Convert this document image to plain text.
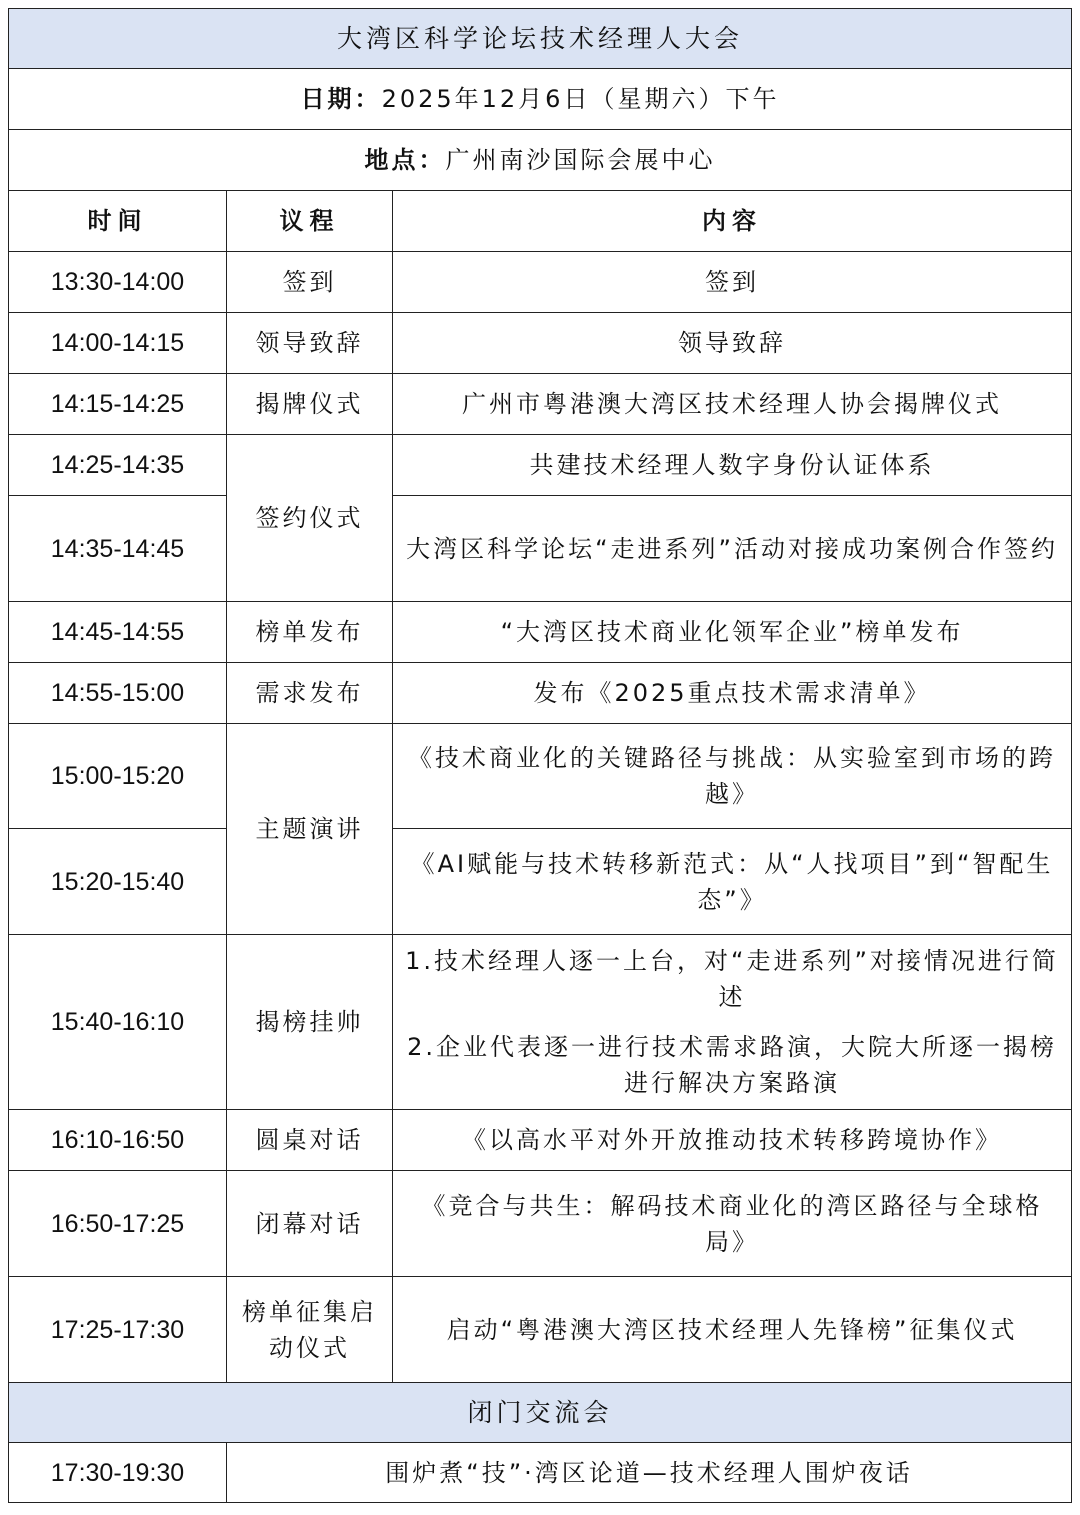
大湾区科学论坛技术经理人大会		
日期：2025年12月6日（星期六）下午		
地点：广州南沙国际会展中心		
时间	议程	内容
13:30-14:00	签到	签到
14:00-14:15	领导致辞	领导致辞
14:15-14:25	揭牌仪式	广州市粤港澳大湾区技术经理人协会揭牌仪式
14:25-14:35	签约仪式	共建技术经理人数字身份认证体系
14:35-14:45		大湾区科学论坛“走进系列”活动对接成功案例合作签约
14:45-14:55	榜单发布	“大湾区技术商业化领军企业”榜单发布
14:55-15:00	需求发布	发布《2025重点技术需求清单》
15:00-15:20	主题演讲	《技术商业化的关键路径与挑战：从实验室到市场的跨越》
15:20-15:40		《AI赋能与技术转移新范式：从“人找项目”到“智配生态”》
15:40-16:10	揭榜挂帅	1.技术经理人逐一上台，对“走进系列”对接情况进行简述

2.企业代表逐一进行技术需求路演，大院大所逐一揭榜进行解决方案路演

16:10-16:50	圆桌对话	《以高水平对外开放推动技术转移跨境协作》
16:50-17:25	闭幕对话	《竞合与共生：解码技术商业化的湾区路径与全球格局》
17:25-17:30	榜单征集启动仪式	启动“粤港澳大湾区技术经理人先锋榜”征集仪式
闭门交流会		
17:30-19:30	围炉煮“技”·湾区论道—技术经理人围炉夜话	
